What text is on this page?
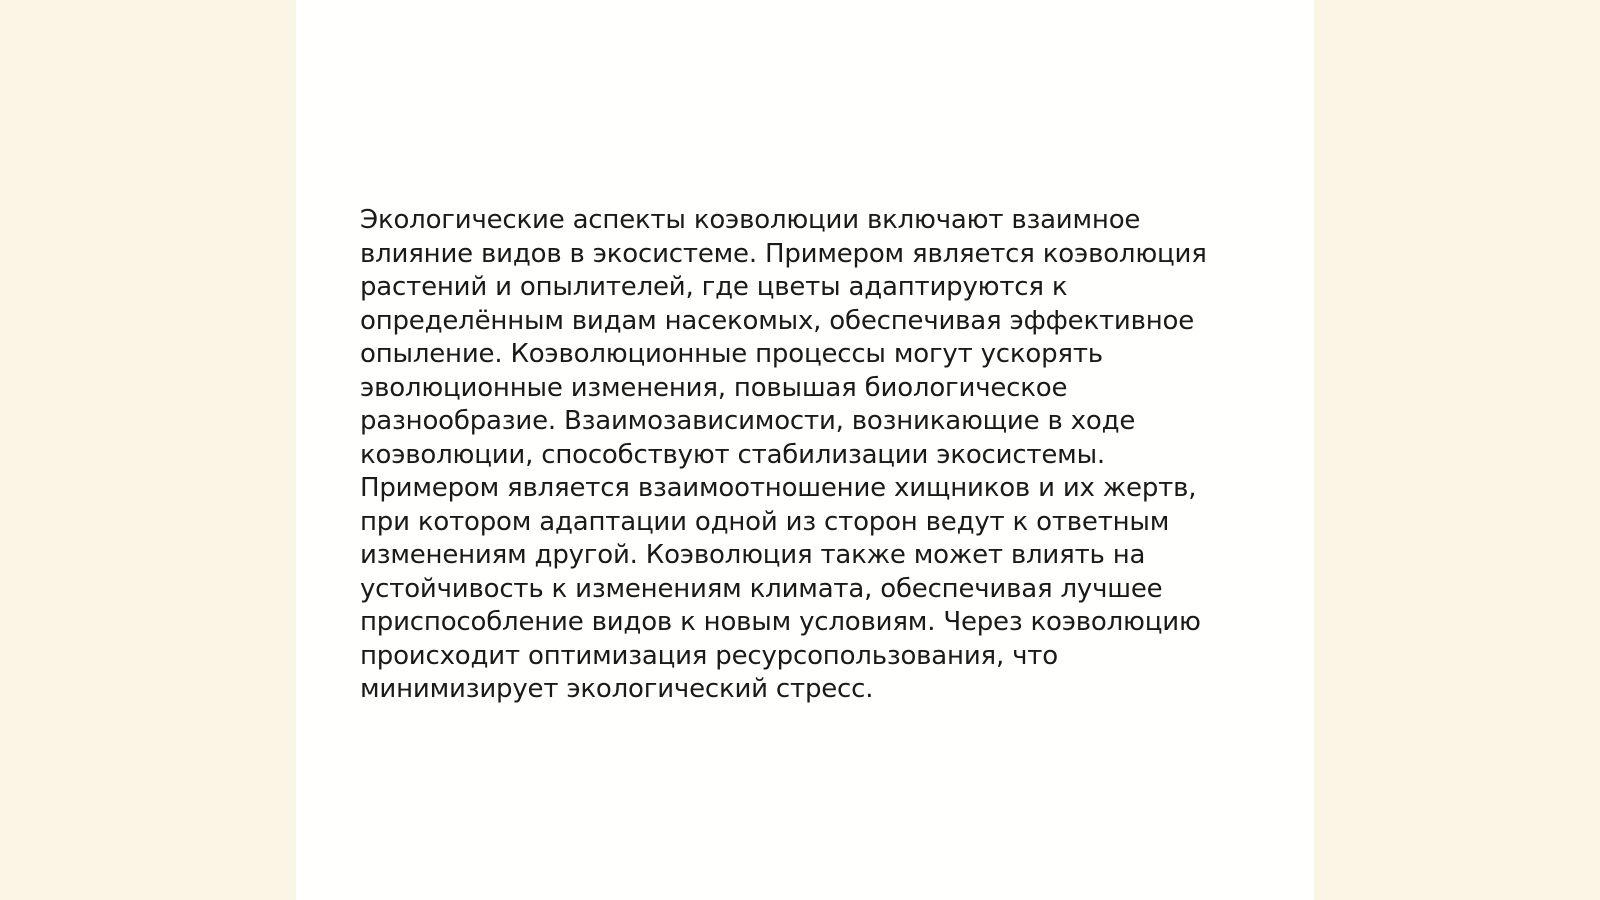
Экологические аспекты коэволюции включают взаимное
влияние видов в экосистеме. Примером является коэволюция
растений и опылителей, где цветы адаптируются к
определённым видам насекомых, обеспечивая эффективное
опыление. Коэволюционные процессы могут ускорять
эволюционные изменения, повышая биологическое
разнообразие. Взаимозависимости, возникающие в ходе
коэволюции, способствуют стабилизации экосистемы.
Примером является взаимоотношение хищников и их жертв,
при котором адаптации одной из сторон ведут к ответным
изменениям другой. Коэволюция также может влиять на
устойчивость к изменениям климата, обеспечивая лучшее
приспособление видов к новым условиям. Через коэволюцию
происходит оптимизация ресурсопользования, что
минимизирует экологический стресс.
